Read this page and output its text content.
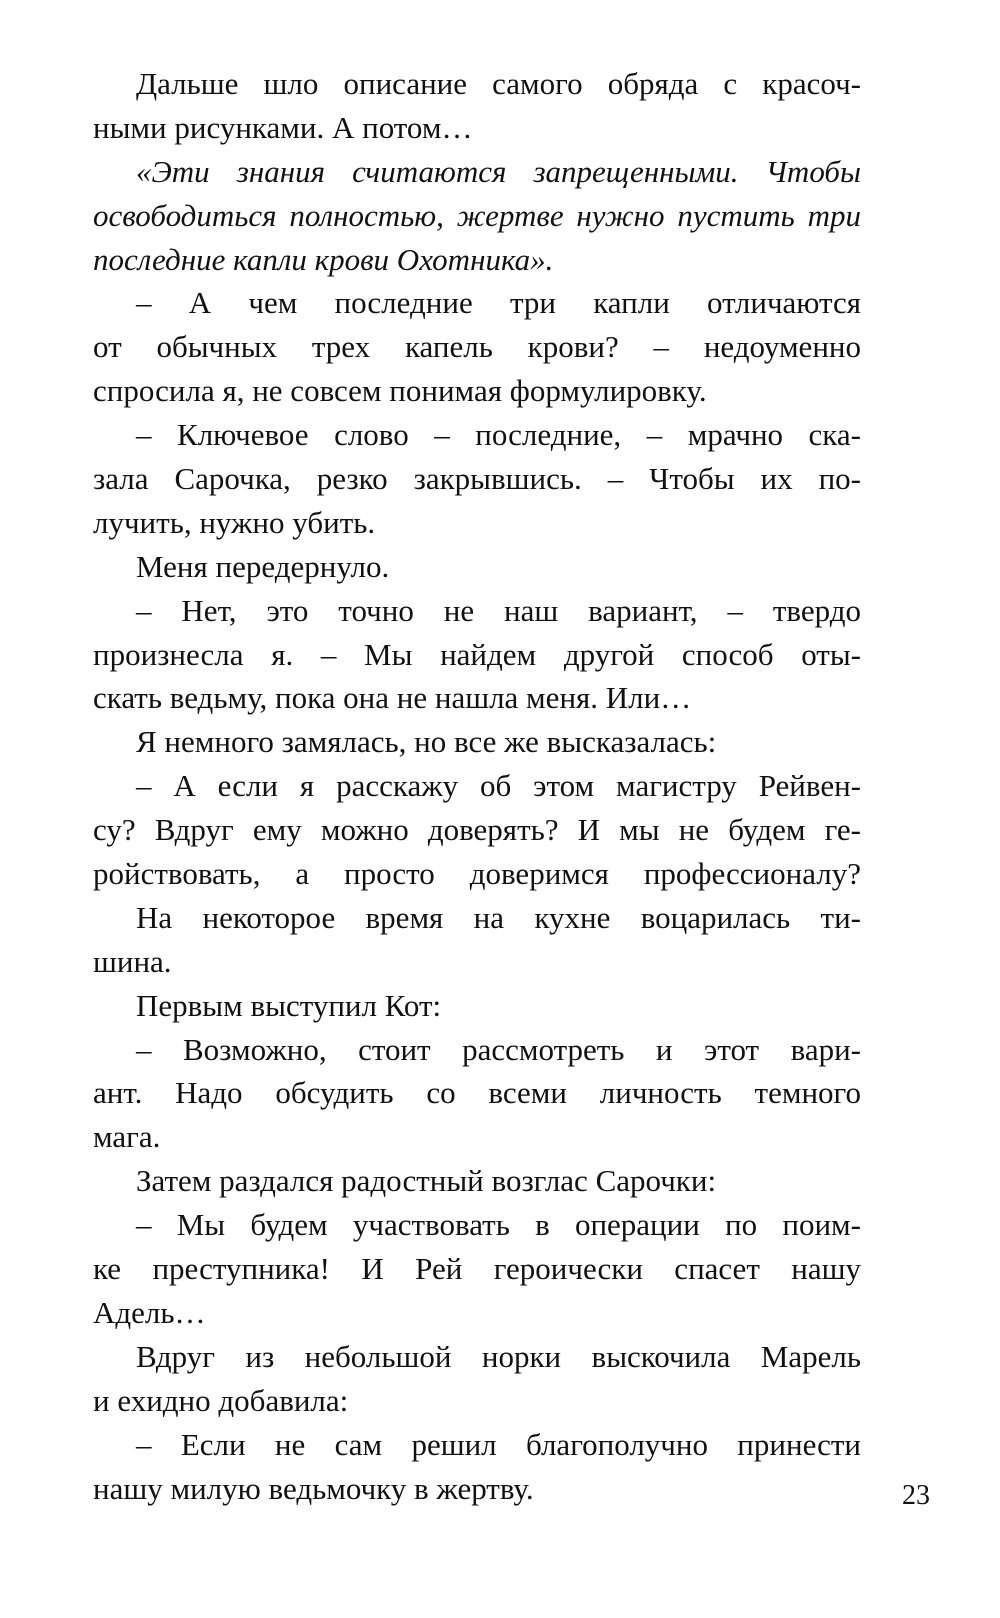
Дальше шло описание самого обряда с красоч-
ными рисунками. А потом…
«Эти знания считаются запрещенными. Чтобы
освободиться полностью, жертве нужно пустить три
последние капли крови Охотника».
– А чем последние три капли отличаются
от обычных трех капель крови? – недоуменно
спросила я, не совсем понимая формулировку.
– Ключевое слово – последние, – мрачно ска-
зала Сарочка, резко закрывшись. – Чтобы их по-
лучить, нужно убить.
Меня передернуло.
– Нет, это точно не наш вариант, – твердо
произнесла я. – Мы найдем другой способ оты-
скать ведьму, пока она не нашла меня. Или…
Я немного замялась, но все же высказалась:
– А если я расскажу об этом магистру Рейвен-
су? Вдруг ему можно доверять? И мы не будем ге-
ройствовать, а просто доверимся профессионалу?
На некоторое время на кухне воцарилась ти-
шина.
Первым выступил Кот:
– Возможно, стоит рассмотреть и этот вари-
ант. Надо обсудить со всеми личность темного
мага.
Затем раздался радостный возглас Сарочки:
– Мы будем участвовать в операции по поим-
ке преступника! И Рей героически спасет нашу
Адель…
Вдруг из небольшой норки выскочила Марель
и ехидно добавила:
– Если не сам решил благополучно принести
нашу милую ведьмочку в жертву.	23
